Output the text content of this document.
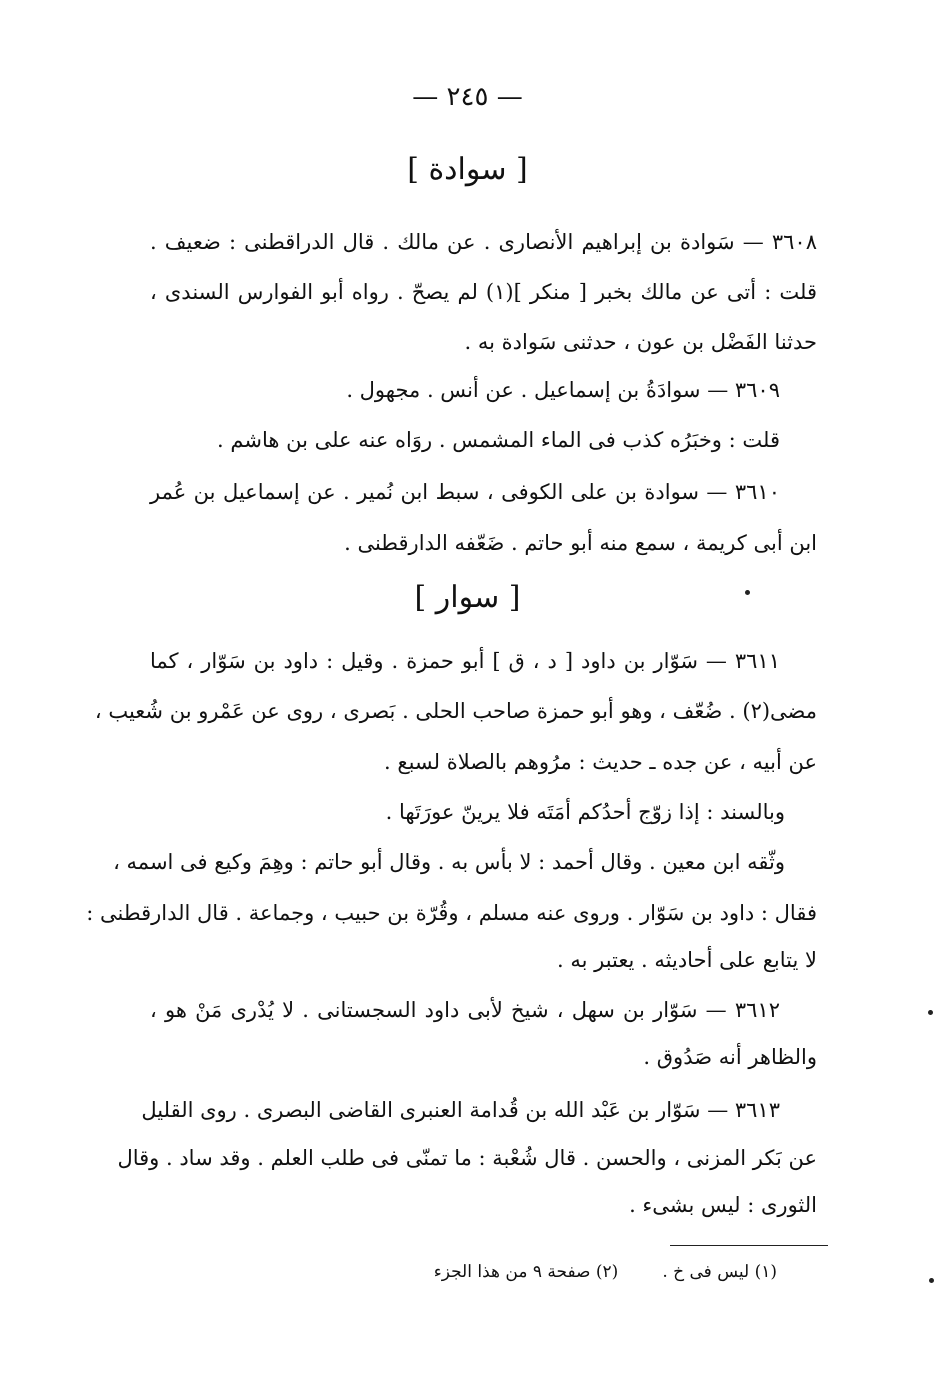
— ٢٤٥ —
[ سوادة ]
٣٦٠٨ — سَوادة بن إبراهيم الأنصارى . عن مالك . قال الدراقطنى : ضعيف .
قلت : أتى عن مالك بخبر [ منكر ](١) لم يصحّ . رواه أبو الفوارس السندى ،
حدثنا الفَضْل بن عون ، حدثنى سَوادة به .
٣٦٠٩ — سوادَةُ بن إسماعيل . عن أنس . مجهول .
قلت : وخبَرُه كذب فى الماء المشمس . روَاه عنه على بن هاشم .
٣٦١٠ — سوادة بن على الكوفى ، سبط ابن نُمير . عن إسماعيل بن عُمر
ابن أبى كريمة ، سمع منه أبو حاتم . ضَعّفه الدارقطنى .
[ سوار ]
٣٦١١ — سَوّار بن داود [ د ، ق ] أبو حمزة . وقيل : داود بن سَوّار ، كما
مضى(٢) . ضُعّف ، وهو أبو حمزة صاحب الحلى . بَصرى ، روى عن عَمْرو بن شُعيب ،
عن أبيه ، عن جده ـ حديث : مرُوهم بالصلاة لسبع .
وبالسند : إذا زوّج أحدُكم أمَتَه فلا يرينّ عورَتَها .
وثّقه ابن معين . وقال أحمد : لا بأس به . وقال أبو حاتم : وهِمَ وكيع فى اسمه ،
فقال : داود بن سَوّار . وروى عنه مسلم ، وقُرّة بن حبيب ، وجماعة . قال الدارقطنى :
لا يتابع على أحاديثه . يعتبر به .
٣٦١٢ — سَوّار بن سهل ، شيخ لأبى داود السجستانى . لا يُدْرى مَنْ هو ،
والظاهر أنه صَدُوق .
٣٦١٣ — سَوّار بن عَبْد الله بن قُدامة العنبرى القاضى البصرى . روى القليل
عن بَكر المزنى ، والحسن . قال شُعْبة : ما تمنّى فى طلب العلم . وقد ساد . وقال
الثورى : ليس بشىء .
(١) ليس فى خ .(٢) صفحة ٩ من هذا الجزء
